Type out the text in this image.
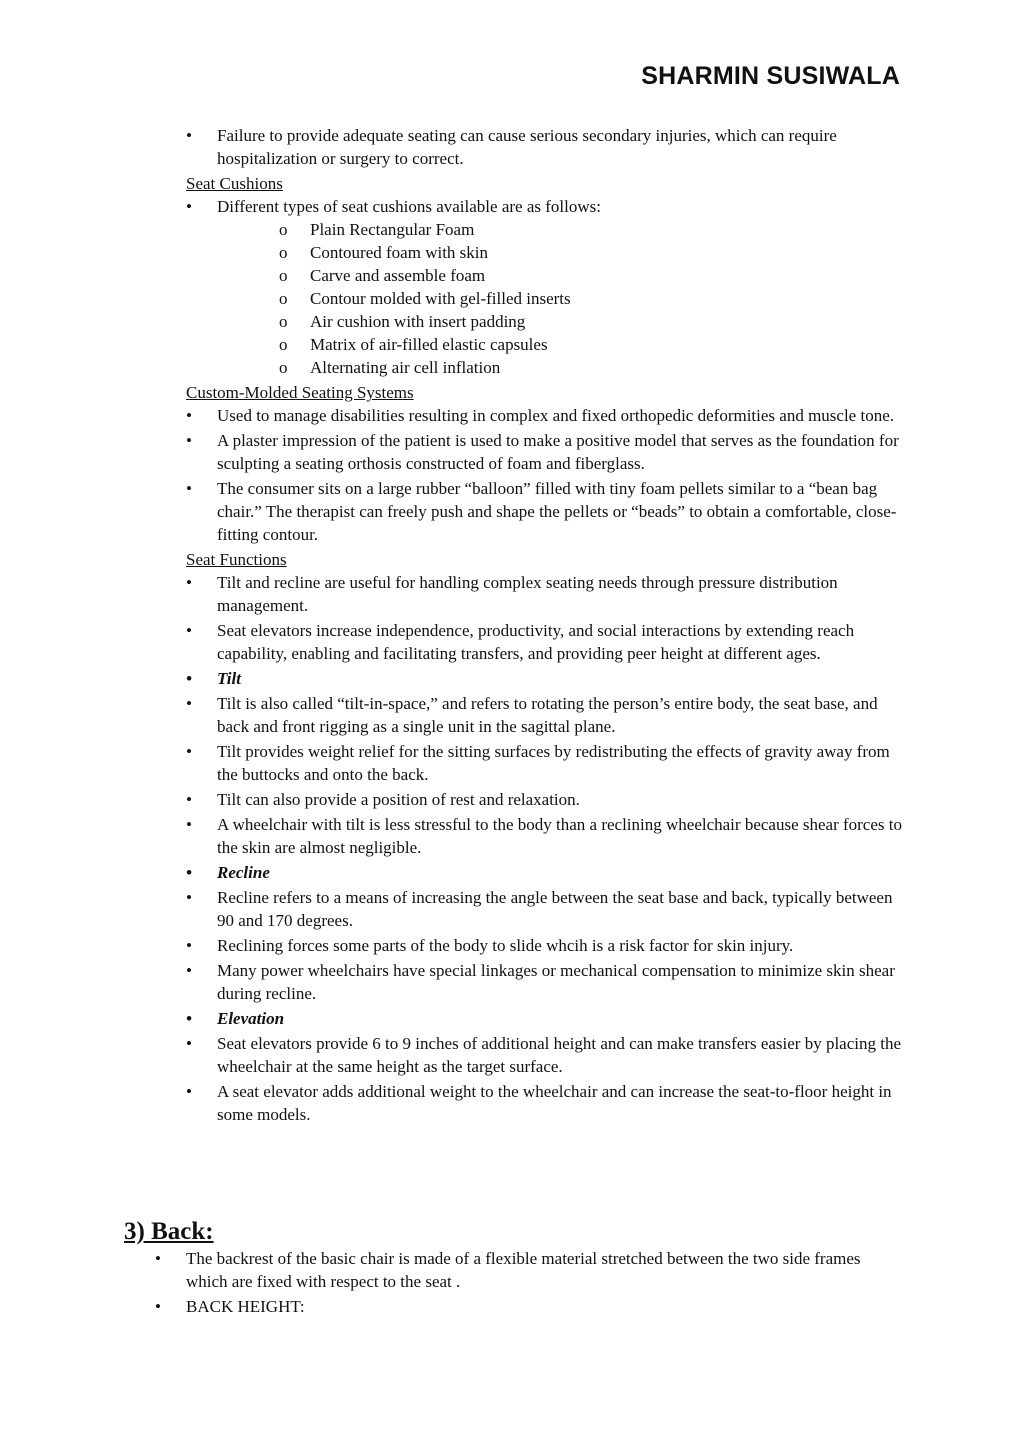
SHARMIN SUSIWALA
• Failure to provide adequate seating can cause serious secondary injuries, which can require hospitalization or surgery to correct.

Seat Cushions

• Different types of seat cushions available are as follows:
o Plain Rectangular Foam
o Contoured foam with skin
o Carve and assemble foam
o Contour molded with gel-filled inserts
o Air cushion with insert padding
o Matrix of air-filled elastic capsules
o Alternating air cell inflation

Custom-Molded Seating Systems

• Used to manage disabilities resulting in complex and fixed orthopedic deformities and muscle tone.
• A plaster impression of the patient is used to make a positive model that serves as the foundation for sculpting a seating orthosis constructed of foam and fiberglass.
• The consumer sits on a large rubber “balloon” filled with tiny foam pellets similar to a “bean bag chair.” The therapist can freely push and shape the pellets or “beads” to obtain a comfortable, close-fitting contour.

Seat Functions

• Tilt and recline are useful for handling complex seating needs through pressure distribution management.
• Seat elevators increase independence, productivity, and social interactions by extending reach capability, enabling and facilitating transfers, and providing peer height at different ages.
• Tilt
• Tilt is also called “tilt-in-space,” and refers to rotating the person’s entire body, the seat base, and back and front rigging as a single unit in the sagittal plane.
• Tilt provides weight relief for the sitting surfaces by redistributing the effects of gravity away from the buttocks and onto the back.
• Tilt can also provide a position of rest and relaxation.
• A wheelchair with tilt is less stressful to the body than a reclining wheelchair because shear forces to the skin are almost negligible.
• Recline
• Recline refers to a means of increasing the angle between the seat base and back, typically between 90 and 170 degrees.
• Reclining forces some parts of the body to slide whcih is a risk factor for skin injury.
• Many power wheelchairs have special linkages or mechanical compensation to minimize skin shear during recline.
• Elevation
• Seat elevators provide 6 to 9 inches of additional height and can make transfers easier by placing the wheelchair at the same height as the target surface.
• A seat elevator adds additional weight to the wheelchair and can increase the seat-to-floor height in some models.

3) Back:

• The backrest of the basic chair is made of a flexible material stretched between the two side frames which are fixed with respect to the seat .
• BACK HEIGHT:
